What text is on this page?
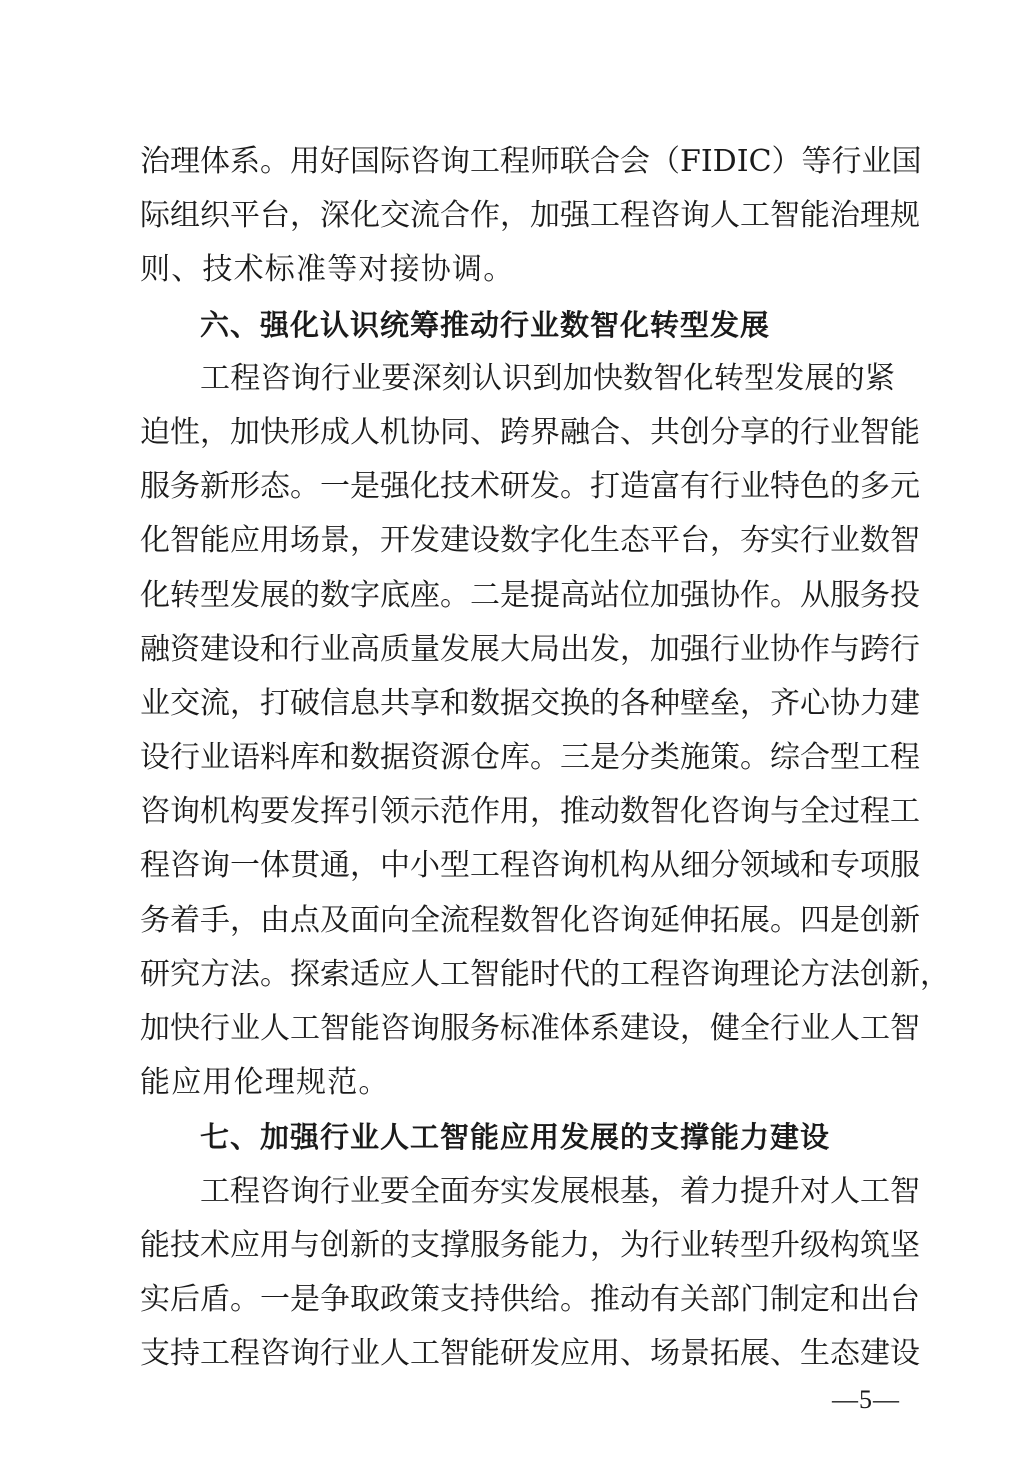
治理体系。用好国际咨询工程师联合会（FIDIC）等行业国
际组织平台，深化交流合作，加强工程咨询人工智能治理规
则、技术标准等对接协调。
六、强化认识统筹推动行业数智化转型发展
工程咨询行业要深刻认识到加快数智化转型发展的紧
迫性，加快形成人机协同、跨界融合、共创分享的行业智能
服务新形态。一是强化技术研发。打造富有行业特色的多元
化智能应用场景，开发建设数字化生态平台，夯实行业数智
化转型发展的数字底座。二是提高站位加强协作。从服务投
融资建设和行业高质量发展大局出发，加强行业协作与跨行
业交流，打破信息共享和数据交换的各种壁垒，齐心协力建
设行业语料库和数据资源仓库。三是分类施策。综合型工程
咨询机构要发挥引领示范作用，推动数智化咨询与全过程工
程咨询一体贯通，中小型工程咨询机构从细分领域和专项服
务着手，由点及面向全流程数智化咨询延伸拓展。四是创新
研究方法。探索适应人工智能时代的工程咨询理论方法创新，
加快行业人工智能咨询服务标准体系建设，健全行业人工智
能应用伦理规范。
七、加强行业人工智能应用发展的支撑能力建设
工程咨询行业要全面夯实发展根基，着力提升对人工智
能技术应用与创新的支撑服务能力，为行业转型升级构筑坚
实后盾。一是争取政策支持供给。推动有关部门制定和出台
支持工程咨询行业人工智能研发应用、场景拓展、生态建设
—5—
